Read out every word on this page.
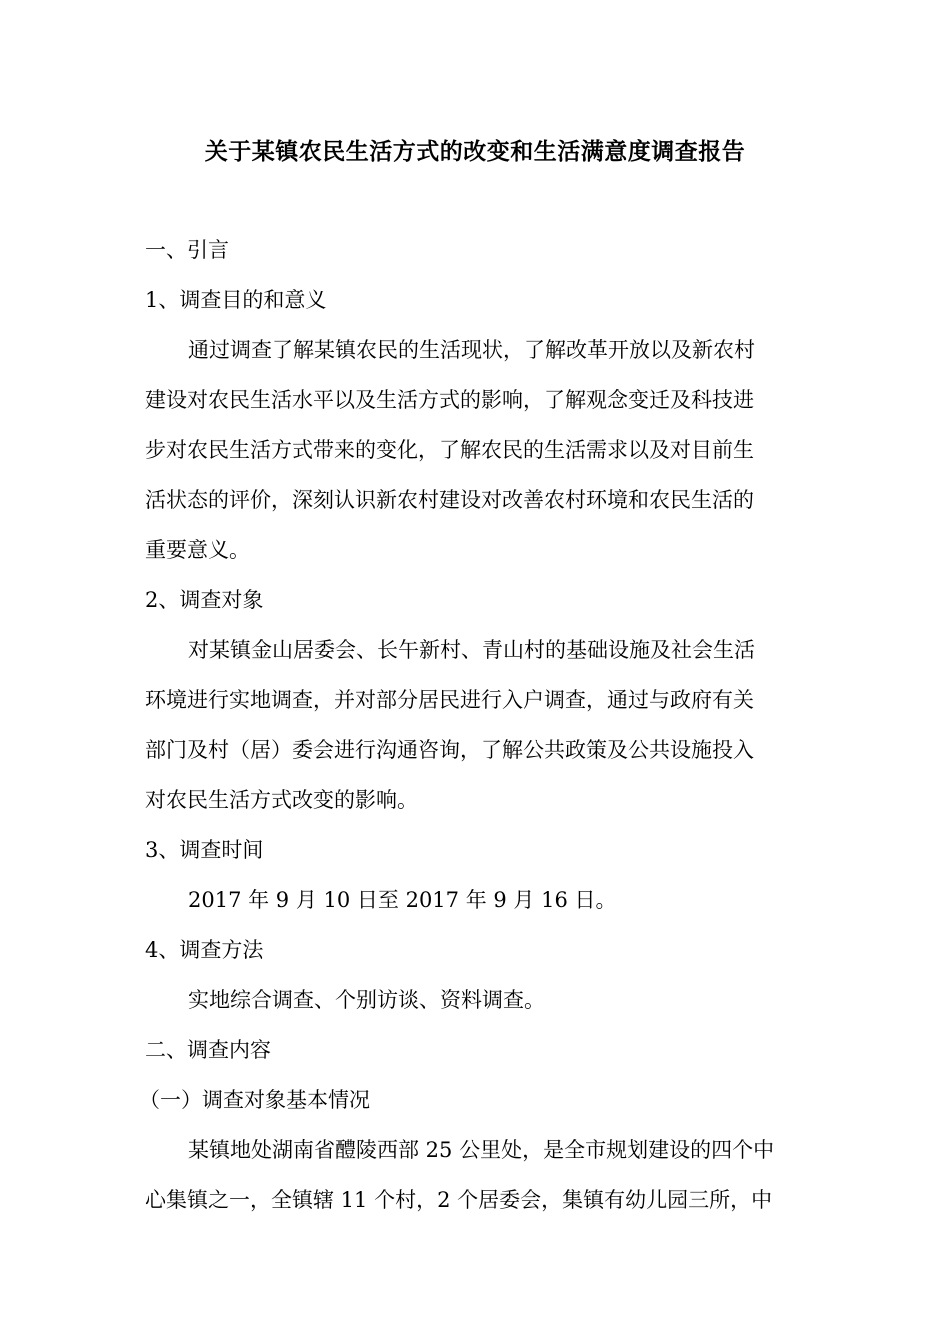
关于某镇农民生活方式的改变和生活满意度调查报告
一、引言
1、调查目的和意义
通过调查了解某镇农民的生活现状，了解改革开放以及新农村
建设对农民生活水平以及生活方式的影响，了解观念变迁及科技进
步对农民生活方式带来的变化，了解农民的生活需求以及对目前生
活状态的评价，深刻认识新农村建设对改善农村环境和农民生活的
重要意义。
2、调查对象
对某镇金山居委会、长午新村、青山村的基础设施及社会生活
环境进行实地调查，并对部分居民进行入户调查，通过与政府有关
部门及村（居）委会进行沟通咨询，了解公共政策及公共设施投入
对农民生活方式改变的影响。
3、调查时间
2017 年 9 月 10 日至 2017 年 9 月 16 日。
4、调查方法
实地综合调查、个别访谈、资料调查。
二、调查内容
（一）调查对象基本情况
某镇地处湖南省醴陵西部 25 公里处，是全市规划建设的四个中
心集镇之一，全镇辖 11 个村，2 个居委会，集镇有幼儿园三所，中
